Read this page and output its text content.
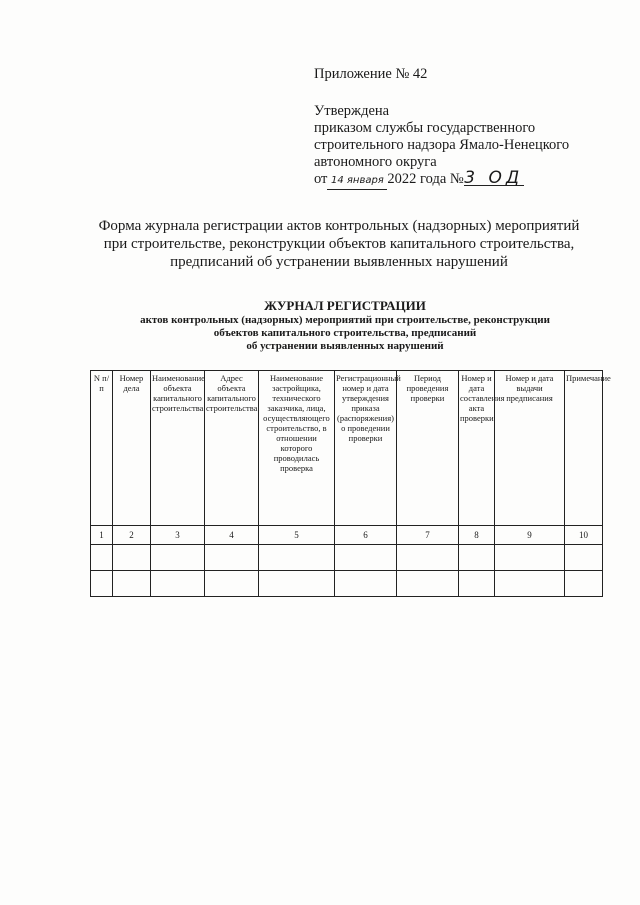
Приложение № 42
Утверждена
приказом службы государственного
строительного надзора Ямало-Ненецкого
автономного округа
от 14 января 2022 года №3 ОД
Форма журнала регистрации актов контрольных (надзорных) мероприятий
при строительстве, реконструкции объектов капитального строительства,
предписаний об устранении выявленных нарушений
ЖУРНАЛ РЕГИСТРАЦИИ
актов контрольных (надзорных) мероприятий при строительстве, реконструкции
объектов капитального строительства, предписаний
об устранении выявленных нарушений
N п/п	Номер дела	Наименование объекта капитального строительства	Адрес объекта капитального строительства	Наименование застройщика, технического заказчика, лица, осуществляющего строительство, в отношении которого проводилась проверка	Регистрационный номер и дата утверждения приказа (распоряжения) о проведении проверки	Период проведения проверки	Номер и дата составления акта проверки	Номер и дата выдачи предписания	Примечание
1	2	3	4	5	6	7	8	9	10
